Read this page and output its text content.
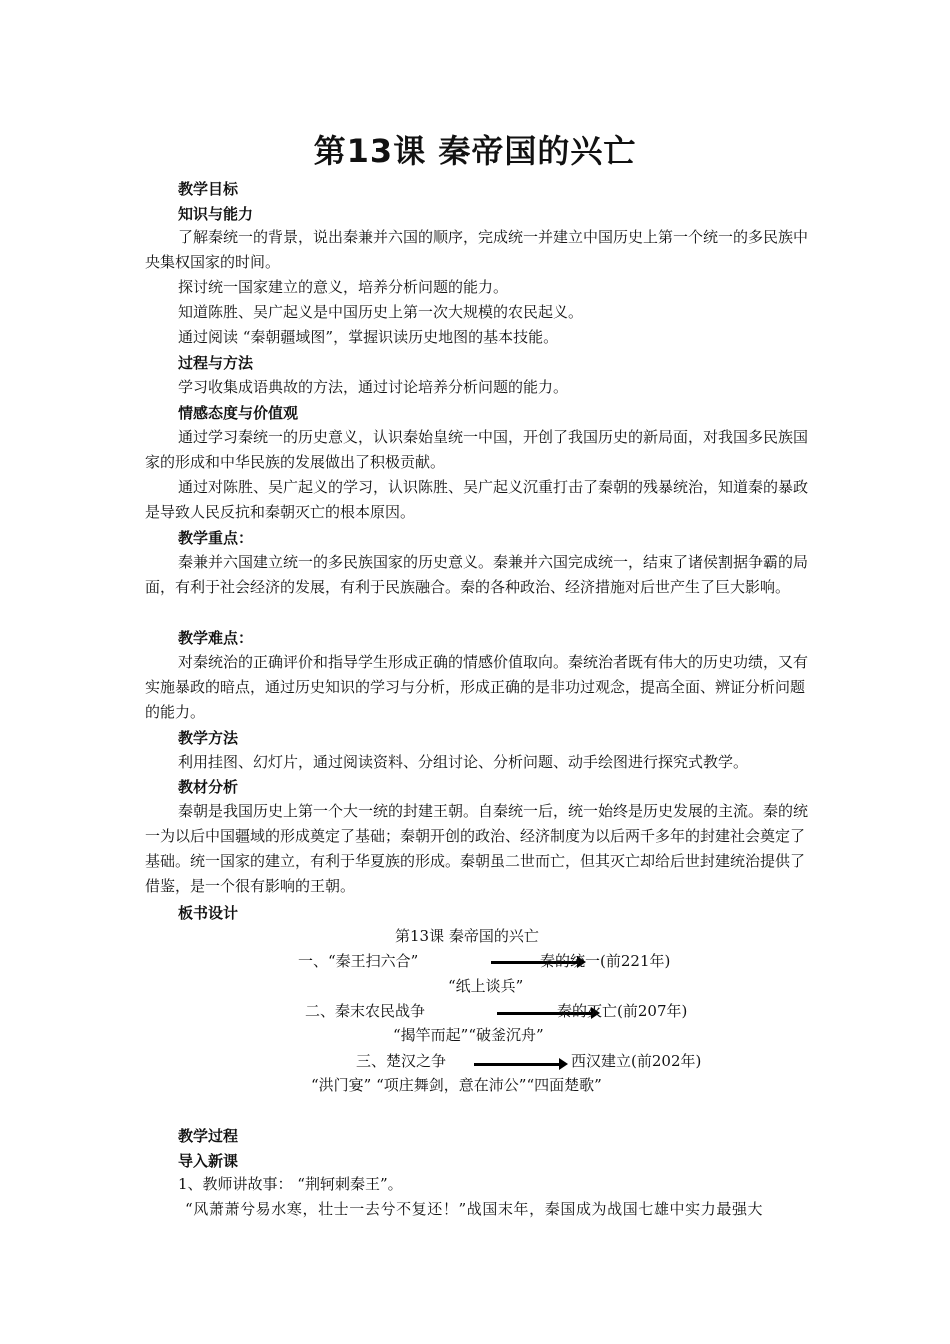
第13课 秦帝国的兴亡
教学目标
知识与能力
了解秦统一的背景，说出秦兼并六国的顺序，完成统一并建立中国历史上第一个统一的多民族中央集权国家的时间。
探讨统一国家建立的意义，培养分析问题的能力。
知道陈胜、吴广起义是中国历史上第一次大规模的农民起义。
通过阅读 “秦朝疆域图”，掌握识读历史地图的基本技能。
过程与方法
学习收集成语典故的方法，通过讨论培养分析问题的能力。
情感态度与价值观
通过学习秦统一的历史意义，认识秦始皇统一中国，开创了我国历史的新局面，对我国多民族国家的形成和中华民族的发展做出了积极贡献。
通过对陈胜、吴广起义的学习，认识陈胜、吴广起义沉重打击了秦朝的残暴统治，知道秦的暴政是导致人民反抗和秦朝灭亡的根本原因。
教学重点：
秦兼并六国建立统一的多民族国家的历史意义。秦兼并六国完成统一，结束了诸侯割据争霸的局面，有利于社会经济的发展，有利于民族融合。秦的各种政治、经济措施对后世产生了巨大影响。
教学难点：
对秦统治的正确评价和指导学生形成正确的情感价值取向。秦统治者既有伟大的历史功绩，又有实施暴政的暗点，通过历史知识的学习与分析，形成正确的是非功过观念，提高全面、辨证分析问题的能力。
教学方法
利用挂图、幻灯片，通过阅读资料、分组讨论、分析问题、动手绘图进行探究式教学。
教材分析
秦朝是我国历史上第一个大一统的封建王朝。自秦统一后，统一始终是历史发展的主流。秦的统一为以后中国疆域的形成奠定了基础；秦朝开创的政治、经济制度为以后两千多年的封建社会奠定了基础。统一国家的建立，有利于华夏族的形成。秦朝虽二世而亡，但其灭亡却给后世封建统治提供了借鉴，是一个很有影响的王朝。
板书设计
第13课 秦帝国的兴亡
一、“秦王扫六合”	秦的统一(前221年)
“纸上谈兵”
二、秦末农民战争	秦的灭亡(前207年)
“揭竿而起”“破釜沉舟”
三、楚汉之争	西汉建立(前202年)
“洪门宴” “项庄舞剑，意在沛公”“四面楚歌”
教学过程
导入新课
1、教师讲故事： “荆轲刺秦王”。
“风萧萧兮易水寒，壮士一去兮不复还！”战国末年，秦国成为战国七雄中实力最强大
